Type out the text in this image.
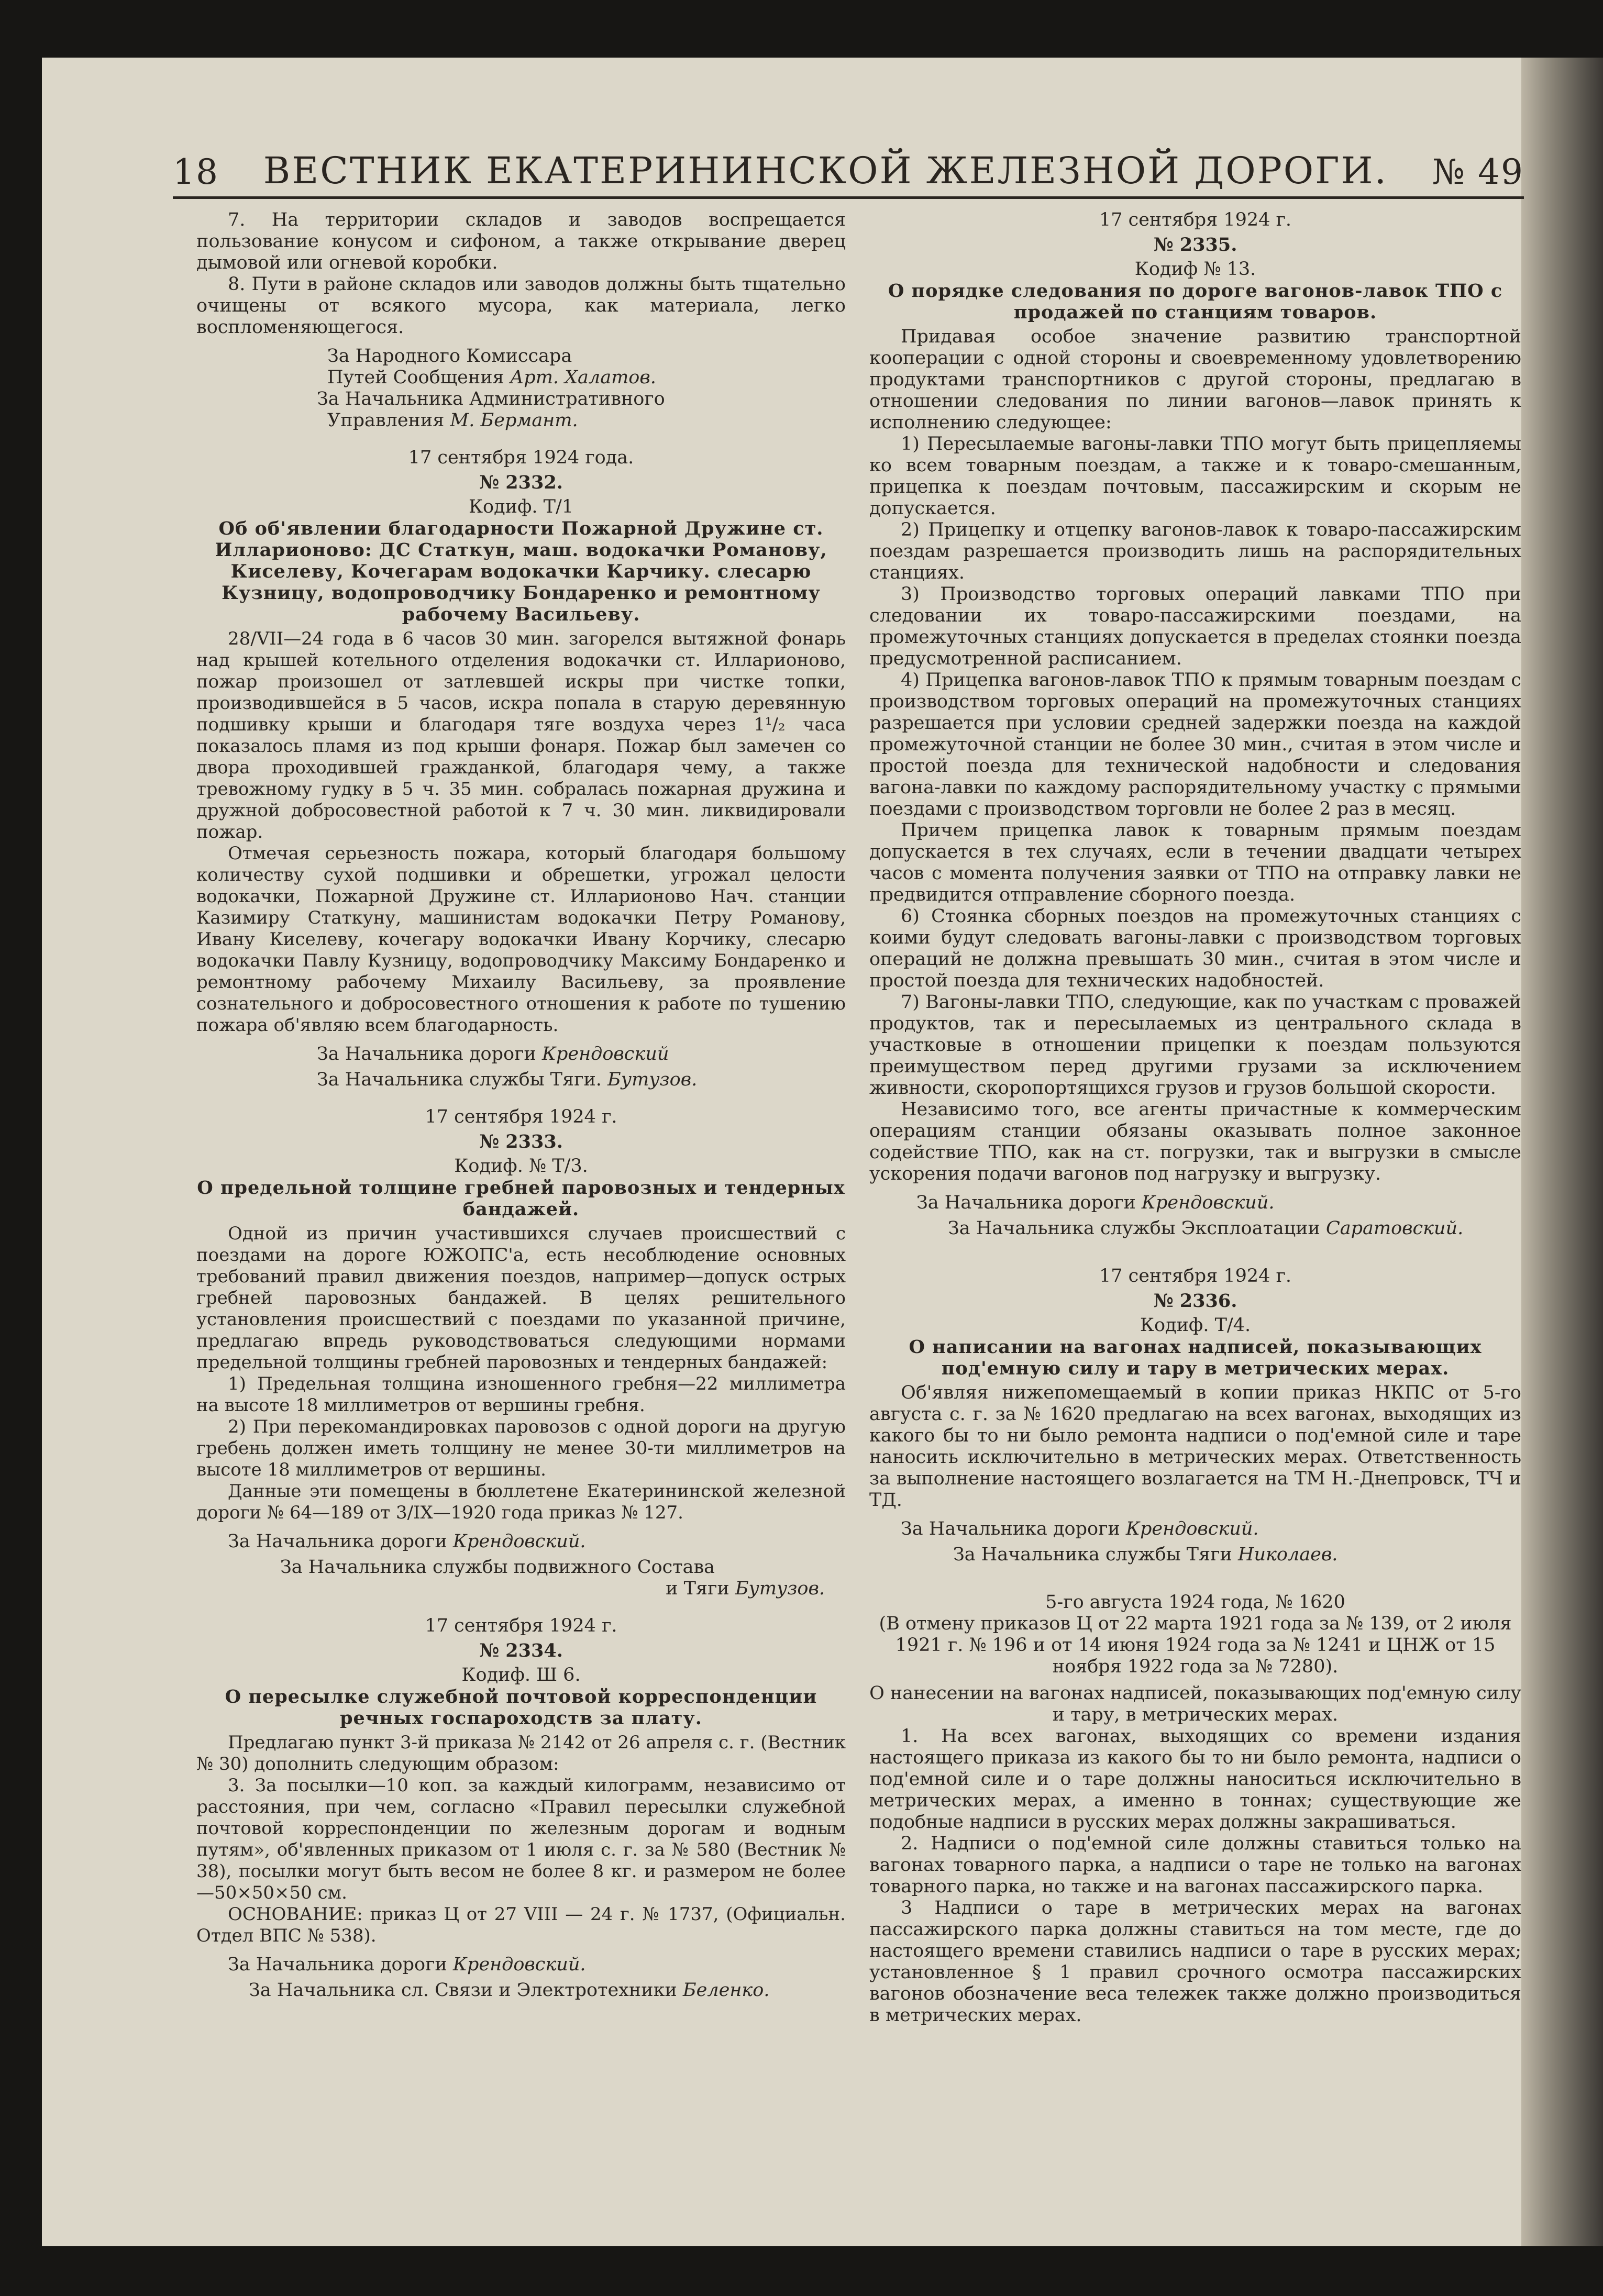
18 ВЕСТНИК ЕКАТЕРИНИНСКОЙ ЖЕЛЕЗНОЙ ДОРОГИ. № 49

7. На территории складов и заводов воспрещается пользование конусом и сифоном, а также открывание дверец дымовой или огневой коробки.

8. Пути в районе складов или заводов должны быть тщательно очищены от всякого мусора, как материала, легко воспломеняющегося.

За Народного Комиссара

Путей Сообщения Арт. Халатов.

За Начальника Административного

Управления М. Бермант.

17 сентября 1924 года.

№ 2332.

Кодиф. Т/1

Об об'явлении благодарности Пожарной Дружине ст. Илларионово: ДС Статкун, маш. водокачки Романову, Киселеву, Кочегарам водокачки Карчику. слесарю Кузницу, водопроводчику Бондаренко и ремонтному рабочему Васильеву.

28/VII—24 года в 6 часов 30 мин. загорелся вытяжной фонарь над крышей котельного отделения водокачки ст. Илларионово, пожар произошел от затлевшей искры при чистке топки, производившейся в 5 часов, искра попала в старую деревянную подшивку крыши и благодаря тяге воздуха через 1¹/₂ часа показалось пламя из под крыши фонаря. Пожар был замечен со двора проходившей гражданкой, благодаря чему, а также тревожному гудку в 5 ч. 35 мин. собралась пожарная дружина и дружной добросовестной работой к 7 ч. 30 мин. ликвидировали пожар.

Отмечая серьезность пожара, который благодаря большому количеству сухой подшивки и обрешетки, угрожал целости водокачки, Пожарной Дружине ст. Илларионово Нач. станции Казимиру Статкуну, машинистам водокачки Петру Романову, Ивану Киселеву, кочегару водокачки Ивану Корчику, слесарю водокачки Павлу Кузницу, водопроводчику Максиму Бондаренко и ремонтному рабочему Михаилу Васильеву, за проявление сознательного и добросовестного отношения к работе по тушению пожара об'являю всем благодарность.

За Начальника дороги Крендовский

За Начальника службы Тяги. Бутузов.

17 сентября 1924 г.

№ 2333.

Кодиф. № Т/3.

О предельной толщине гребней паровозных и тендерных бандажей.

Одной из причин участившихся случаев происшествий с поездами на дороге ЮЖОПС'а, есть несоблюдение основных требований правил движения поездов, например—допуск острых гребней паровозных бандажей. В целях решительного установления происшествий с поездами по указанной причине, предлагаю впредь руководствоваться следующими нормами предельной толщины гребней паровозных и тендерных бандажей:

1) Предельная толщина изношенного гребня—22 миллиметра на высоте 18 миллиметров от вершины гребня.

2) При перекомандировках паровозов с одной дороги на другую гребень должен иметь толщину не менее 30-ти миллиметров на высоте 18 миллиметров от вершины.

Данные эти помещены в бюллетене Екатерининской железной дороги № 64—189 от 3/IX—1920 года приказ № 127.

За Начальника дороги Крендовский.

За Начальника службы подвижного Состава

и Тяги Бутузов.

17 сентября 1924 г.

№ 2334.

Кодиф. Ш 6.

О пересылке служебной почтовой корреспонденции речных госпароходств за плату.

Предлагаю пункт 3-й приказа № 2142 от 26 апреля с. г. (Вестник № 30) дополнить следующим образом:

3. За посылки—10 коп. за каждый килограмм, независимо от расстояния, при чем, согласно «Правил пересылки служебной почтовой корреспонденции по железным дорогам и водным путям», об'явленных приказом от 1 июля с. г. за № 580 (Вестник № 38), посылки могут быть весом не более 8 кг. и размером не более—50×50×50 см.

ОСНОВАНИЕ: приказ Ц от 27 VIII — 24 г. № 1737, (Официальн. Отдел ВПС № 538).

За Начальника дороги Крендовский.

За Начальника сл. Связи и Электротехники Беленко.

17 сентября 1924 г.

№ 2335.

Кодиф № 13.

О порядке следования по дороге вагонов-лавок ТПО с продажей по станциям товаров.

Придавая особое значение развитию транспортной кооперации с одной стороны и своевременному удовлетворению продуктами транспортников с другой стороны, предлагаю в отношении следования по линии вагонов—лавок принять к исполнению следующее:

1) Пересылаемые вагоны-лавки ТПО могут быть прицепляемы ко всем товарным поездам, а также и к товаро-смешанным, прицепка к поездам почтовым, пассажирским и скорым не допускается.

2) Прицепку и отцепку вагонов-лавок к товаро-пассажирским поездам разрешается производить лишь на распорядительных станциях.

3) Производство торговых операций лавками ТПО при следовании их товаро-пассажирскими поездами, на промежуточных станциях допускается в пределах стоянки поезда предусмотренной расписанием.

4) Прицепка вагонов-лавок ТПО к прямым товарным поездам с производством торговых операций на промежуточных станциях разрешается при условии средней задержки поезда на каждой промежуточной станции не более 30 мин., считая в этом числе и простой поезда для технической надобности и следования вагона-лавки по каждому распорядительному участку с прямыми поездами с производством торговли не более 2 раз в месяц.

Причем прицепка лавок к товарным прямым поездам допускается в тех случаях, если в течении двадцати четырех часов с момента получения заявки от ТПО на отправку лавки не предвидится отправление сборного поезда.

6) Стоянка сборных поездов на промежуточных станциях с коими будут следовать вагоны-лавки с производством торговых операций не должна превышать 30 мин., считая в этом числе и простой поезда для технических надобностей.

7) Вагоны-лавки ТПО, следующие, как по участкам с проважей продуктов, так и пересылаемых из центрального склада в участковые в отношении прицепки к поездам пользуются преимуществом перед другими грузами за исключением живности, скоропортящихся грузов и грузов большой скорости.

Независимо того, все агенты причастные к коммерческим операциям станции обязаны оказывать полное законное содействие ТПО, как на ст. погрузки, так и выгрузки в смысле ускорения подачи вагонов под нагрузку и выгрузку.

За Начальника дороги Крендовский.

За Начальника службы Эксплоатации Саратовский.

17 сентября 1924 г.

№ 2336.

Кодиф. Т/4.

О написании на вагонах надписей, показывающих под'емную силу и тару в метрических мерах.

Об'являя нижепомещаемый в копии приказ НКПС от 5-го августа с. г. за № 1620 предлагаю на всех вагонах, выходящих из какого бы то ни было ремонта надписи о под'емной силе и таре наносить исключительно в метрических мерах. Ответственность за выполнение настоящего возлагается на ТМ Н.-Днепровск, ТЧ и ТД.

За Начальника дороги Крендовский.

За Начальника службы Тяги Николаев.

5-го августа 1924 года, № 1620

(В отмену приказов Ц от 22 марта 1921 года за № 139, от 2 июля 1921 г. № 196 и от 14 июня 1924 года за № 1241 и ЦНЖ от 15 ноября 1922 года за № 7280).

О нанесении на вагонах надписей, показывающих под'емную силу и тару, в метрических мерах.

1. На всех вагонах, выходящих со времени издания настоящего приказа из какого бы то ни было ремонта, надписи о под'емной силе и о таре должны наноситься исключительно в метрических мерах, а именно в тоннах; существующие же подобные надписи в русских мерах должны закрашиваться.

2. Надписи о под'емной силе должны ставиться только на вагонах товарного парка, а надписи о таре не только на вагонах товарного парка, но также и на вагонах пассажирского парка.

3 Надписи о таре в метрических мерах на вагонах пассажирского парка должны ставиться на том месте, где до настоящего времени ставились надписи о таре в русских мерах; установленное § 1 правил срочного осмотра пассажирских вагонов обозначение веса тележек также должно производиться в метрических мерах.
